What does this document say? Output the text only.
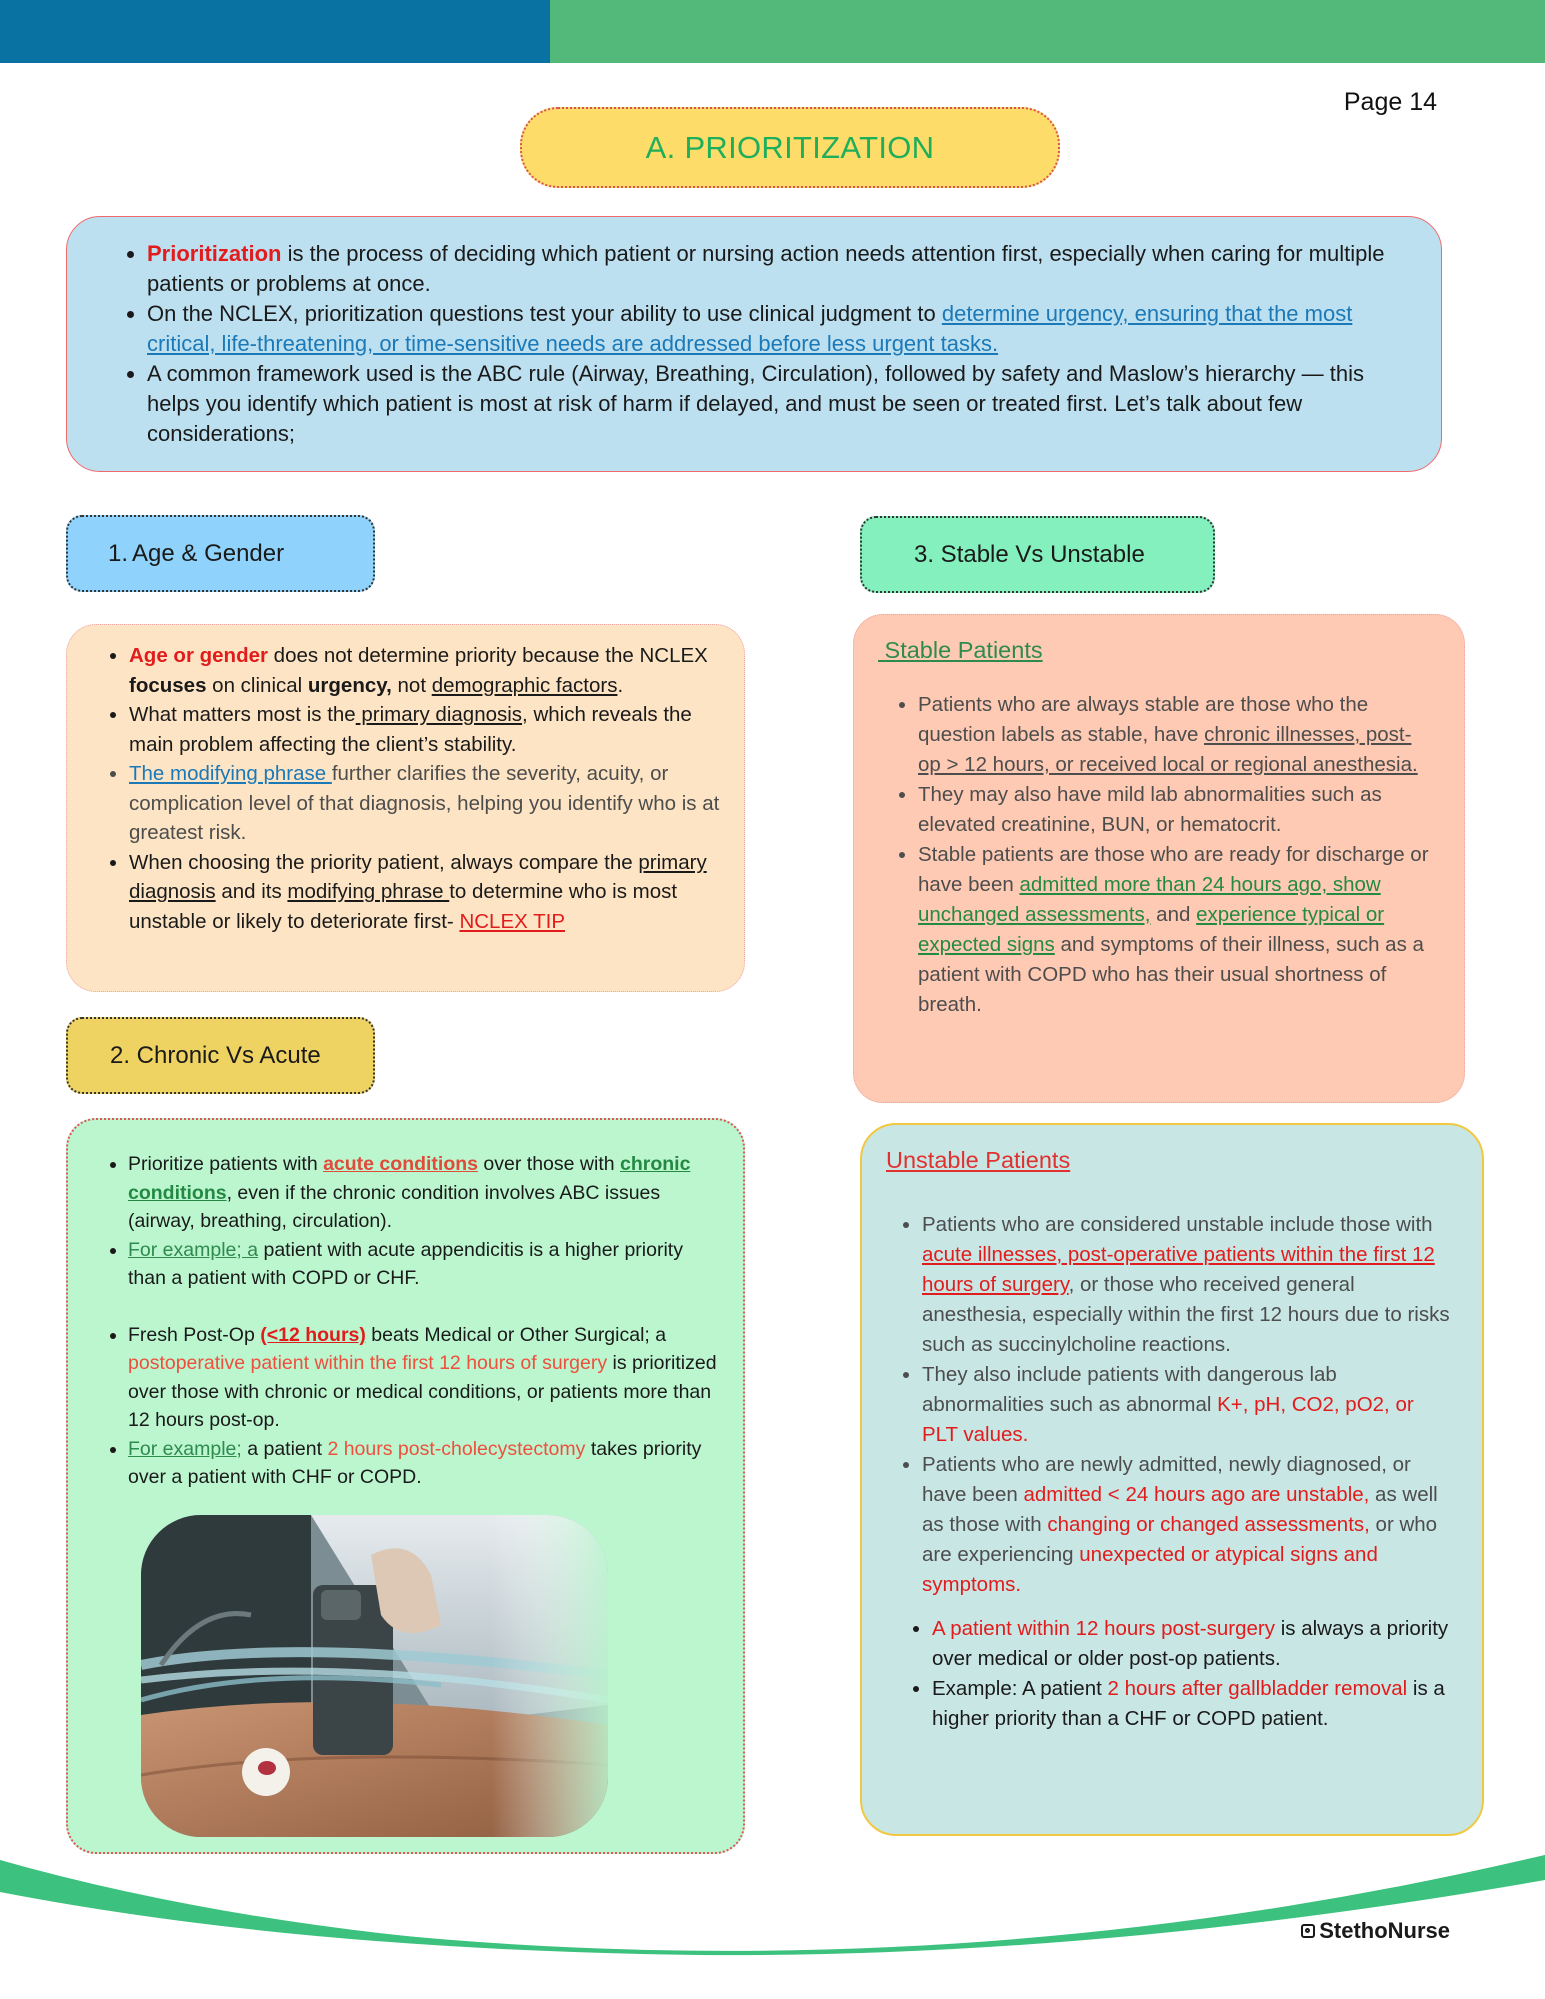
Page 14
A. PRIORITIZATION
• Prioritization is the process of deciding which patient or nursing action needs attention first, especially when caring for multiple patients or problems at once.
• On the NCLEX, prioritization questions test your ability to use clinical judgment to determine urgency, ensuring that the most critical, life-threatening, or time-sensitive needs are addressed before less urgent tasks.
• A common framework used is the ABC rule (Airway, Breathing, Circulation), followed by safety and Maslow’s hierarchy — this helps you identify which patient is most at risk of harm if delayed, and must be seen or treated first. Let’s talk about few considerations;
1. Age & Gender	3. Stable Vs Unstable
• Age or gender does not determine priority because the NCLEX focuses on clinical urgency, not demographic factors.
• What matters most is the primary diagnosis, which reveals the main problem affecting the client’s stability.
• The modifying phrase further clarifies the severity, acuity, or complication level of that diagnosis, helping you identify who is at greatest risk.
• When choosing the priority patient, always compare the primary diagnosis and its modifying phrase to determine who is most unstable or likely to deteriorate first- NCLEX TIP
2. Chronic Vs Acute
• Prioritize patients with acute conditions over those with chronic conditions, even if the chronic condition involves ABC issues (airway, breathing, circulation).
• For example; a patient with acute appendicitis is a higher priority than a patient with COPD or CHF.
• Fresh Post-Op (<12 hours) beats Medical or Other Surgical; a postoperative patient within the first 12 hours of surgery is prioritized over those with chronic or medical conditions, or patients more than 12 hours post-op.
• For example; a patient 2 hours post-cholecystectomy takes priority over a patient with CHF or COPD.
Stable Patients
• Patients who are always stable are those who the question labels as stable, have chronic illnesses, post-op > 12 hours, or received local or regional anesthesia.
• They may also have mild lab abnormalities such as elevated creatinine, BUN, or hematocrit.
• Stable patients are those who are ready for discharge or have been admitted more than 24 hours ago, show unchanged assessments, and experience typical or expected signs and symptoms of their illness, such as a patient with COPD who has their usual shortness of breath.
Unstable Patients
• Patients who are considered unstable include those with acute illnesses, post-operative patients within the first 12 hours of surgery, or those who received general anesthesia, especially within the first 12 hours due to risks such as succinylcholine reactions.
• They also include patients with dangerous lab abnormalities such as abnormal K+, pH, CO2, pO2, or PLT values.
• Patients who are newly admitted, newly diagnosed, or have been admitted < 24 hours ago are unstable, as well as those with changing or changed assessments, or who are experiencing unexpected or atypical signs and symptoms.
• A patient within 12 hours post-surgery is always a priority over medical or older post-op patients.
• Example: A patient 2 hours after gallbladder removal is a higher priority than a CHF or COPD patient.
StethoNurse
